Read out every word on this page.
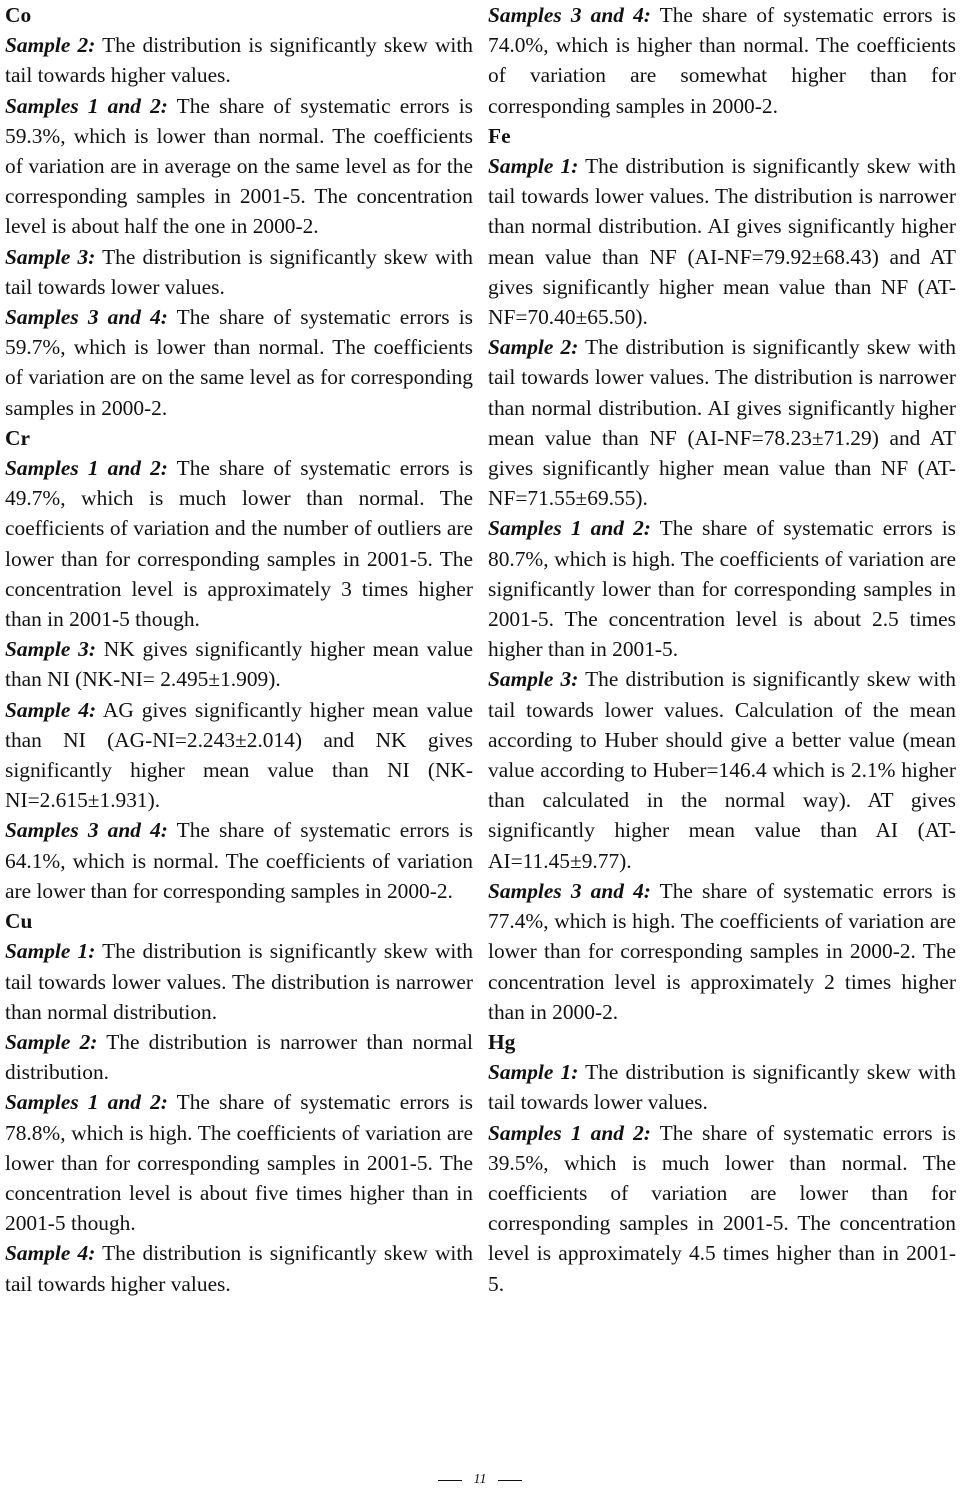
Co
Sample 2: The distribution is significantly skew with tail towards higher values.
Samples 1 and 2: The share of systematic errors is 59.3%, which is lower than normal. The coefficients of variation are in average on the same level as for the corresponding samples in 2001-5. The concentration level is about half the one in 2000-2.
Sample 3: The distribution is significantly skew with tail towards lower values.
Samples 3 and 4: The share of systematic errors is 59.7%, which is lower than normal. The coefficients of variation are on the same level as for corresponding samples in 2000-2.
Cr
Samples 1 and 2: The share of systematic errors is 49.7%, which is much lower than normal. The coefficients of variation and the number of outliers are lower than for corresponding samples in 2001-5. The concentration level is approximately 3 times higher than in 2001-5 though.
Sample 3: NK gives significantly higher mean value than NI (NK-NI= 2.495±1.909).
Sample 4: AG gives significantly higher mean value than NI (AG-NI=2.243±2.014) and NK gives significantly higher mean value than NI (NK-NI=2.615±1.931).
Samples 3 and 4: The share of systematic errors is 64.1%, which is normal. The coefficients of variation are lower than for corresponding samples in 2000-2.
Cu
Sample 1: The distribution is significantly skew with tail towards lower values. The distribution is narrower than normal distribution.
Sample 2: The distribution is narrower than normal distribution.
Samples 1 and 2: The share of systematic errors is 78.8%, which is high. The coefficients of variation are lower than for corresponding samples in 2001-5. The concentration level is about five times higher than in 2001-5 though.
Sample 4: The distribution is significantly skew with tail towards higher values.
Samples 3 and 4: The share of systematic errors is 74.0%, which is higher than normal. The coefficients of variation are somewhat higher than for corresponding samples in 2000-2.
Fe
Sample 1: The distribution is significantly skew with tail towards lower values. The distribution is narrower than normal distribution. AI gives significantly higher mean value than NF (AI-NF=79.92±68.43) and AT gives significantly higher mean value than NF (AT-NF=70.40±65.50).
Sample 2: The distribution is significantly skew with tail towards lower values. The distribution is narrower than normal distribution. AI gives significantly higher mean value than NF (AI-NF=78.23±71.29) and AT gives significantly higher mean value than NF (AT-NF=71.55±69.55).
Samples 1 and 2: The share of systematic errors is 80.7%, which is high. The coefficients of variation are significantly lower than for corresponding samples in 2001-5. The concentration level is about 2.5 times higher than in 2001-5.
Sample 3: The distribution is significantly skew with tail towards lower values. Calculation of the mean according to Huber should give a better value (mean value according to Huber=146.4 which is 2.1% higher than calculated in the normal way). AT gives significantly higher mean value than AI (AT-AI=11.45±9.77).
Samples 3 and 4: The share of systematic errors is 77.4%, which is high. The coefficients of variation are lower than for corresponding samples in 2000-2. The concentration level is approximately 2 times higher than in 2000-2.
Hg
Sample 1: The distribution is significantly skew with tail towards lower values.
Samples 1 and 2: The share of systematic errors is 39.5%, which is much lower than normal. The coefficients of variation are lower than for corresponding samples in 2001-5. The concentration level is approximately 4.5 times higher than in 2001-5.
11
